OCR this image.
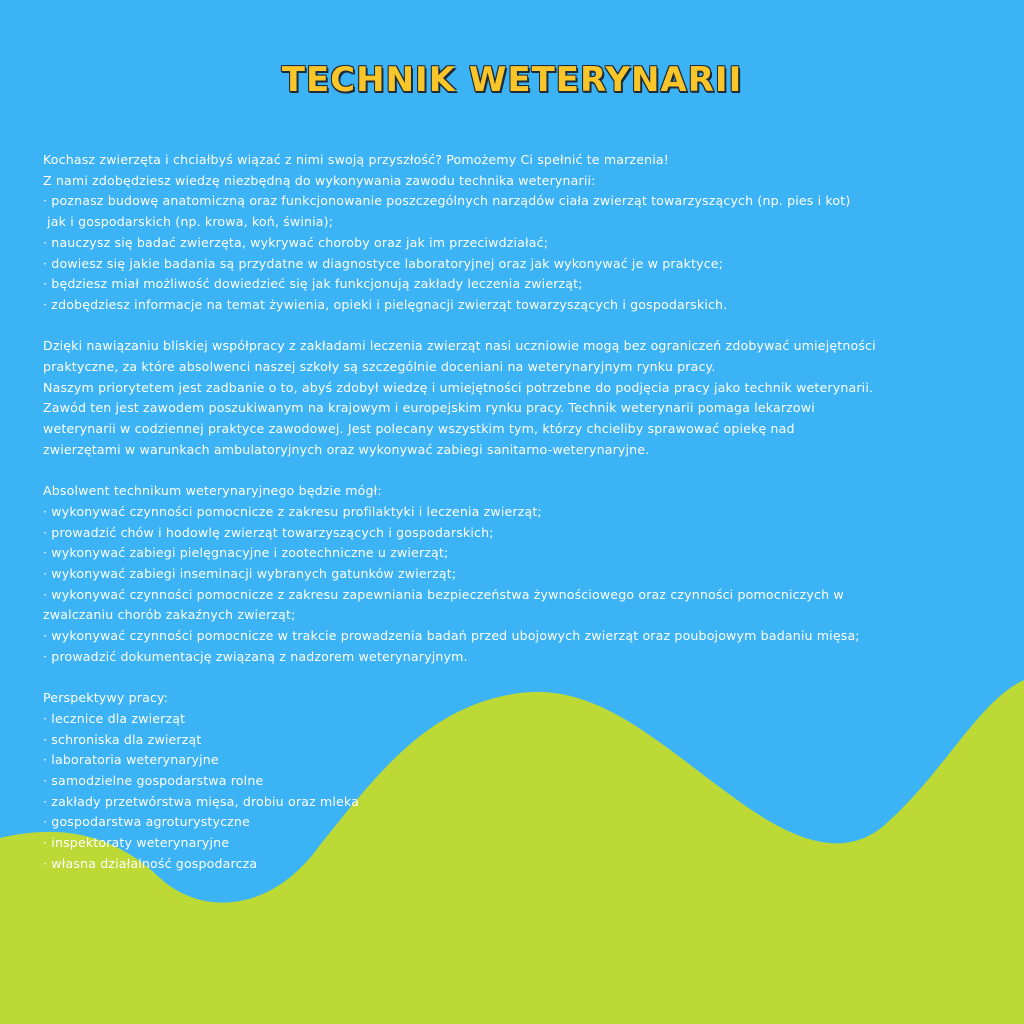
TECHNIK WETERYNARII
Kochasz zwierzęta i chciałbyś wiązać z nimi swoją przyszłość? Pomożemy Ci spełnić te marzenia!
Z nami zdobędziesz wiedzę niezbędną do wykonywania zawodu technika weterynarii:
· poznasz budowę anatomiczną oraz funkcjonowanie poszczególnych narządów ciała zwierząt towarzyszących (np. pies i kot)
jak i gospodarskich (np. krowa, koń, świnia);
· nauczysz się badać zwierzęta, wykrywać choroby oraz jak im przeciwdziałać;
· dowiesz się jakie badania są przydatne w diagnostyce laboratoryjnej oraz jak wykonywać je w praktyce;
· będziesz miał możliwość dowiedzieć się jak funkcjonują zakłady leczenia zwierząt;
· zdobędziesz informacje na temat żywienia, opieki i pielęgnacji zwierząt towarzyszących i gospodarskich.
Dzięki nawiązaniu bliskiej współpracy z zakładami leczenia zwierząt nasi uczniowie mogą bez ograniczeń zdobywać umiejętności
praktyczne, za które absolwenci naszej szkoły są szczególnie doceniani na weterynaryjnym rynku pracy.
Naszym priorytetem jest zadbanie o to, abyś zdobył wiedzę i umiejętności potrzebne do podjęcia pracy jako technik weterynarii.
Zawód ten jest zawodem poszukiwanym na krajowym i europejskim rynku pracy. Technik weterynarii pomaga lekarzowi
weterynarii w codziennej praktyce zawodowej. Jest polecany wszystkim tym, którzy chcieliby sprawować opiekę nad
zwierzętami w warunkach ambulatoryjnych oraz wykonywać zabiegi sanitarno-weterynaryjne.
Absolwent technikum weterynaryjnego będzie mógł:
· wykonywać czynności pomocnicze z zakresu profilaktyki i leczenia zwierząt;
· prowadzić chów i hodowlę zwierząt towarzyszących i gospodarskich;
· wykonywać zabiegi pielęgnacyjne i zootechniczne u zwierząt;
· wykonywać zabiegi inseminacji wybranych gatunków zwierząt;
· wykonywać czynności pomocnicze z zakresu zapewniania bezpieczeństwa żywnościowego oraz czynności pomocniczych w
zwalczaniu chorób zakaźnych zwierząt;
· wykonywać czynności pomocnicze w trakcie prowadzenia badań przed ubojowych zwierząt oraz poubojowym badaniu mięsa;
· prowadzić dokumentację związaną z nadzorem weterynaryjnym.
Perspektywy pracy:
· lecznice dla zwierząt
· schroniska dla zwierząt
· laboratoria weterynaryjne
· samodzielne gospodarstwa rolne
· zakłady przetwórstwa mięsa, drobiu oraz mleka
· gospodarstwa agroturystyczne
· inspektoraty weterynaryjne
· własna działalność gospodarcza
